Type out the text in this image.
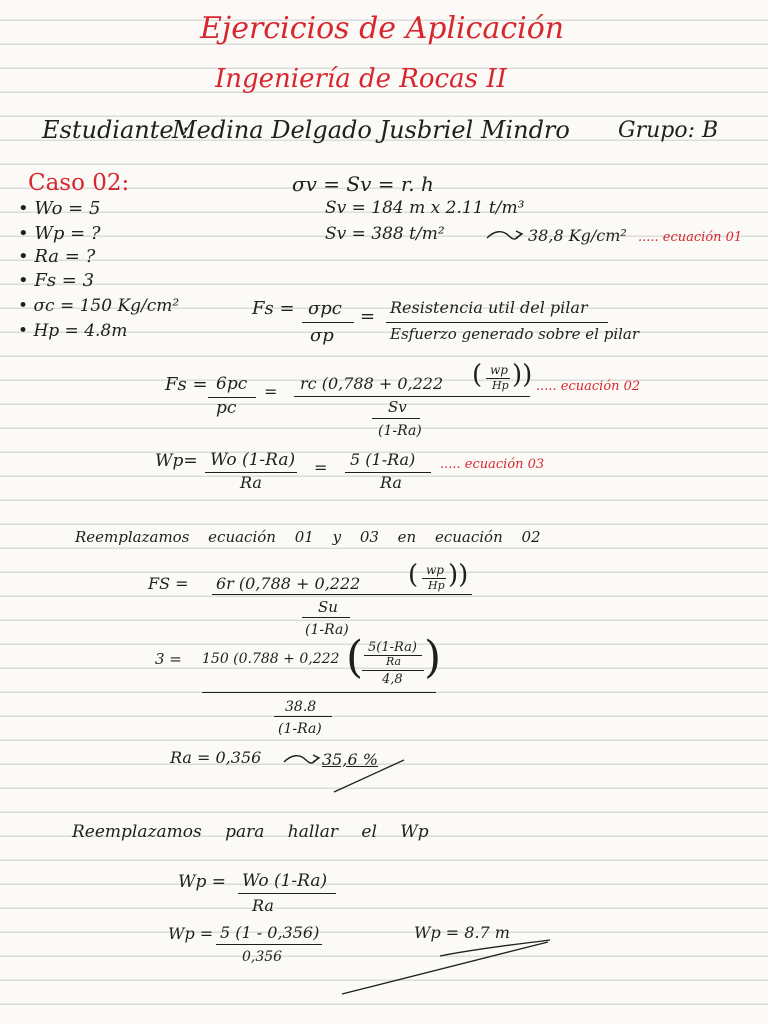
Ejercicios de Aplicación
Ingeniería de Rocas II
Estudiante :
Medina Delgado Jusbriel Mindro Grupo: B
Caso 02:
• Wo = 5
• Wp = ?
• Ra = ?
• Fs = 3
• σc = 150 Kg/cm²
• Hp = 4.8m
σv = Sv = r. h
Sv = 184 m x 2.11 t/m³
Sv = 388 t/m²	38,8 Kg/cm² ..... ecuación 01
Fs = σpc
σp
= Resistencia util del pilar
Esfuerzo generado sobre el pilar
Fs = 6pc
pc
= rc (0,788 + 0,222 ( wp
Hp ))
Sv
(1-Ra)
..... ecuación 02
Wp= Wo (1-Ra)
Ra
= 5 (1-Ra)
Ra
..... ecuación 03
Reemplazamos ecuación 01 y 03 en ecuación 02
FS = 6r (0,788 + 0,222 ( wp
Hp ))
Su
(1-Ra)
3 = 150 (0.788 + 0,222 ( 5(1-Ra)
Ra
4,8 )
38.8
(1-Ra)
Ra = 0,356	35,6 %
Reemplazamos para hallar el Wp
Wp = Wo (1-Ra)
Ra
Wp = 5 (1 - 0,356)
0,356
Wp = 8.7 m
